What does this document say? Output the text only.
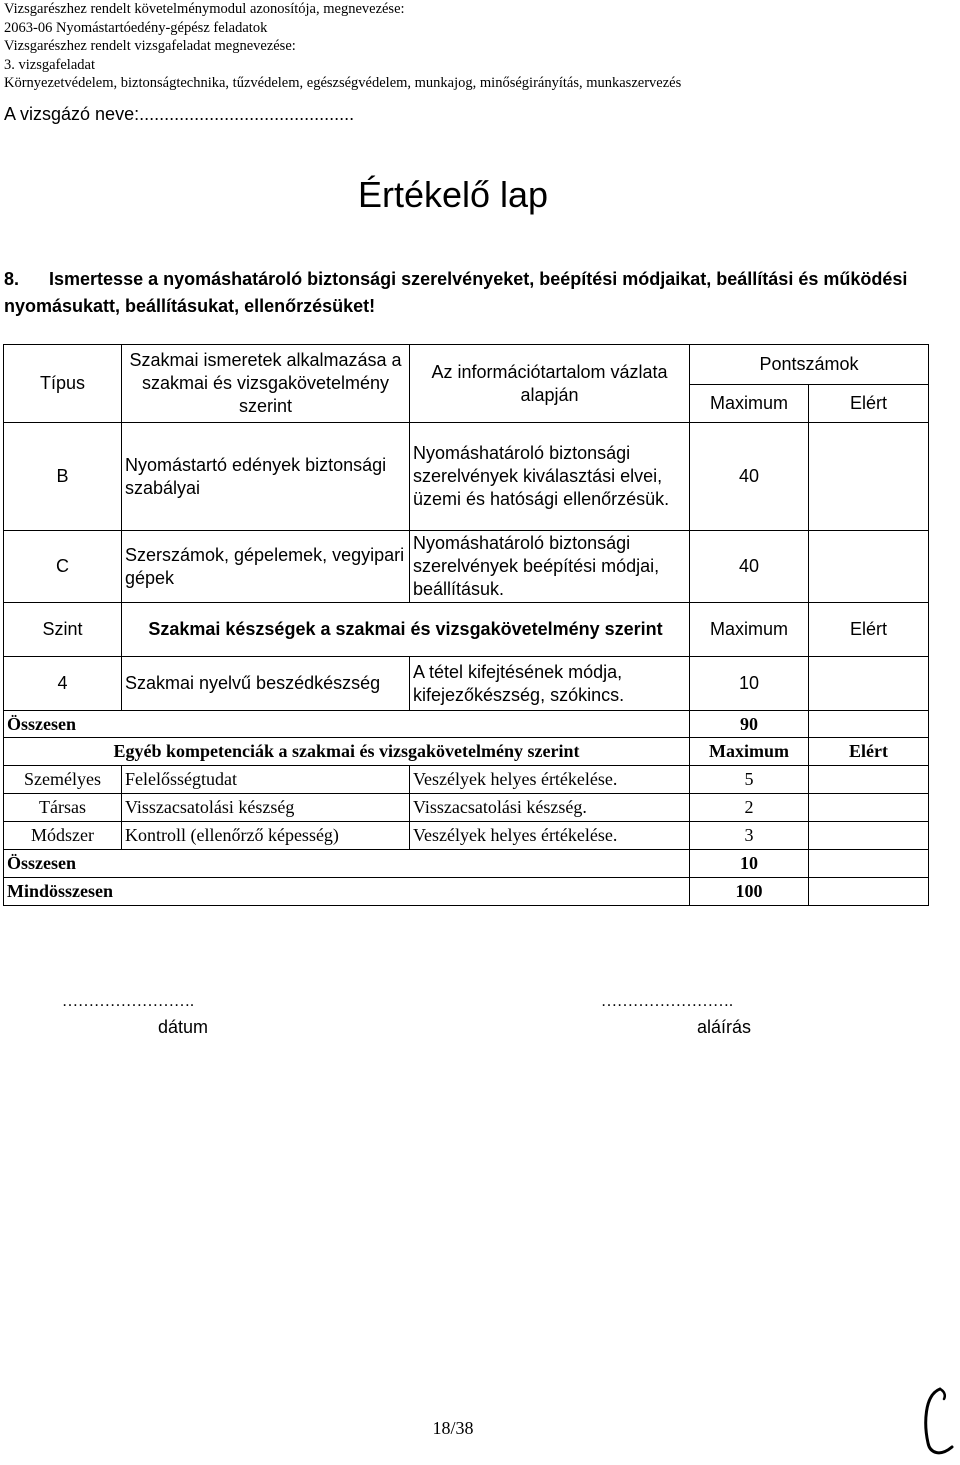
Vizsgarészhez rendelt követelménymodul azonosítója, megnevezése:
2063-06 Nyomástartóedény-gépész feladatok
Vizsgarészhez rendelt vizsgafeladat megnevezése:
3. vizsgafeladat
Környezetvédelem, biztonságtechnika, tűzvédelem, egészségvédelem, munkajog, minőségirányítás, munkaszervezés
A vizsgázó neve:...........................................
Értékelő lap
8. Ismertesse a nyomáshatároló biztonsági szerelvényeket, beépítési módjaikat, beállítási és működési nyomásukatt, beállításukat, ellenőrzésüket!
Típus	Szakmai ismeretek alkalmazása a szakmai és vizsgakövetelmény szerint	Az információtartalom vázlata alapján	Pontszámok	
			Maximum	Elért
B	Nyomástartó edények biztonsági szabályai	Nyomáshatároló biztonsági szerelvények kiválasztási elvei, üzemi és hatósági ellenőrzésük.	40	
C	Szerszámok, gépelemek, vegyipari gépek	Nyomáshatároló biztonsági szerelvények beépítési módjai, beállításuk.	40	
Szint	Szakmai készségek a szakmai és vizsgakövetelmény szerint		Maximum	Elért
4	Szakmai nyelvű beszédkészség	A tétel kifejtésének módja, kifejezőkészség, szókincs.	10	
Összesen			90	
Egyéb kompetenciák a szakmai és vizsgakövetelmény szerint			Maximum	Elért
Személyes	Felelősségtudat	Veszélyek helyes értékelése.	5	
Társas	Visszacsatolási készség	Visszacsatolási készség.	2	
Módszer	Kontroll (ellenőrző képesség)	Veszélyek helyes értékelése.	3	
Összesen			10	
Mindösszesen			100	
…………………….
dátum
…………………….
aláírás
18/38
